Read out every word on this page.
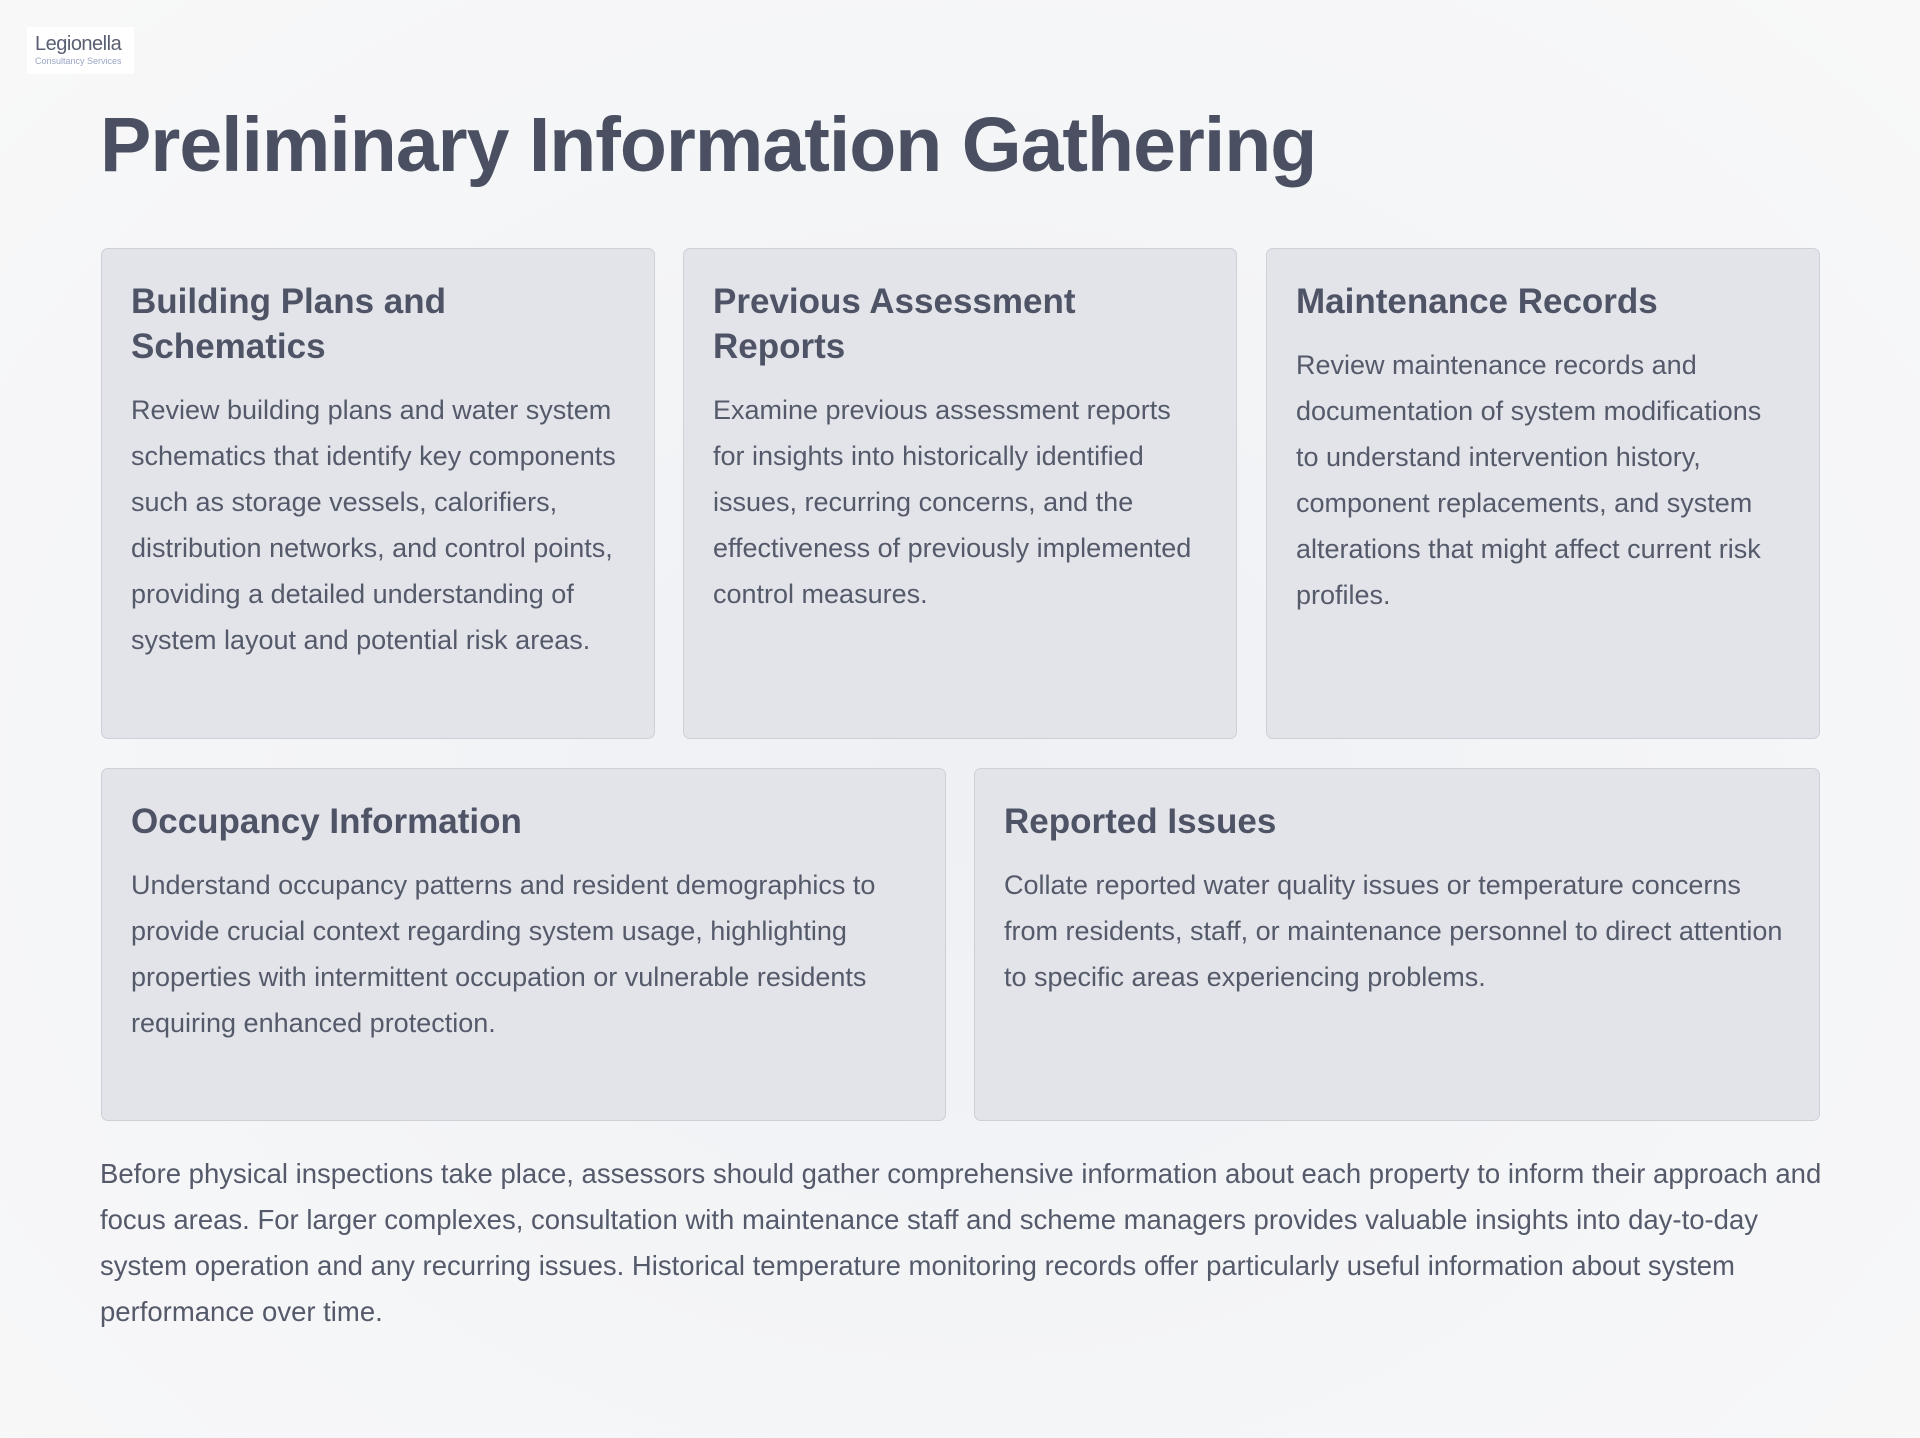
Legionella
Consultancy Services
Preliminary Information Gathering
Building Plans and Schematics

Review building plans and water system schematics that identify key components such as storage vessels, calorifiers, distribution networks, and control points, providing a detailed understanding of system layout and potential risk areas.

Previous Assessment Reports

Examine previous assessment reports for insights into historically identified issues, recurring concerns, and the effectiveness of previously implemented control measures.

Maintenance Records

Review maintenance records and documentation of system modifications to understand intervention history, component replacements, and system alterations that might affect current risk profiles.

Occupancy Information

Understand occupancy patterns and resident demographics to provide crucial context regarding system usage, highlighting properties with intermittent occupation or vulnerable residents requiring enhanced protection.

Reported Issues

Collate reported water quality issues or temperature concerns from residents, staff, or maintenance personnel to direct attention to specific areas experiencing problems.

Before physical inspections take place, assessors should gather comprehensive information about each property to inform their approach and focus areas. For larger complexes, consultation with maintenance staff and scheme managers provides valuable insights into day-to-day system operation and any recurring issues. Historical temperature monitoring records offer particularly useful information about system performance over time.
